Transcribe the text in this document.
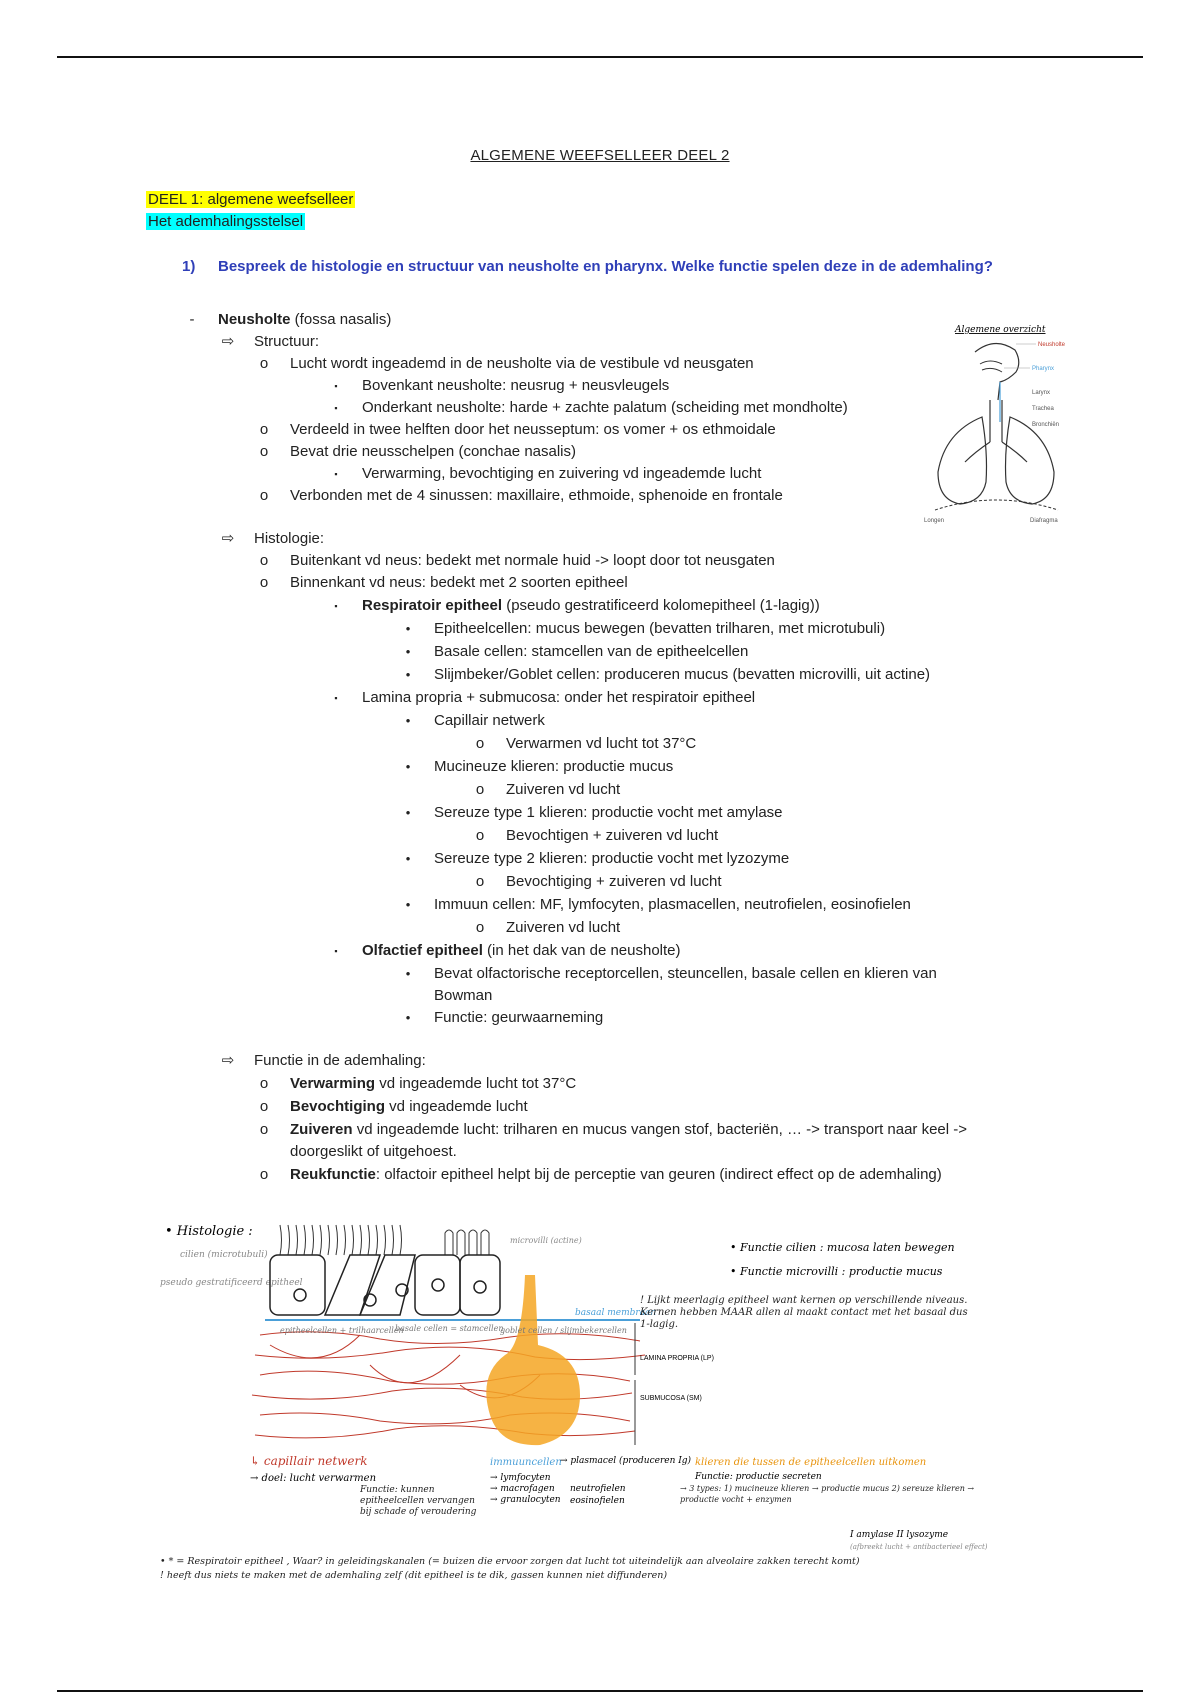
ALGEMENE WEEFSELLEER DEEL 2
DEEL 1: algemene weefselleer
Het ademhalingsstelsel
1) Bespreek de histologie en structuur van neusholte en pharynx. Welke functie spelen deze in de ademhaling?
-	Neusholte (fossa nasalis)
⇨ Structuur:
o	Lucht wordt ingeademd in de neusholte via de vestibule vd neusgaten
▪	Bovenkant neusholte: neusrug + neusvleugels
▪	Onderkant neusholte: harde + zachte palatum (scheiding met mondholte)
o	Verdeeld in twee helften door het neusseptum: os vomer + os ethmoidale
o	Bevat drie neusschelpen (conchae nasalis)
▪	Verwarming, bevochtiging en zuivering vd ingeademde lucht
o	Verbonden met de 4 sinussen: maxillaire, ethmoide, sphenoide en frontale
⇨ Histologie:
o	Buitenkant vd neus: bedekt met normale huid -> loopt door tot neusgaten
o	Binnenkant vd neus: bedekt met 2 soorten epitheel
▪	Respiratoir epitheel (pseudo gestratificeerd kolomepitheel (1-lagig))
•	Epitheelcellen: mucus bewegen (bevatten trilharen, met microtubuli)
•	Basale cellen: stamcellen van de epitheelcellen
•	Slijmbeker/Goblet cellen: produceren mucus (bevatten microvilli, uit actine)
▪	Lamina propria + submucosa: onder het respiratoir epitheel
•	Capillair netwerk
o	Verwarmen vd lucht tot 37°C
•	Mucineuze klieren: productie mucus
o	Zuiveren vd lucht
•	Sereuze type 1 klieren: productie vocht met amylase
o	Bevochtigen + zuiveren vd lucht
•	Sereuze type 2 klieren: productie vocht met lyzozyme
o	Bevochtiging + zuiveren vd lucht
•	Immuun cellen: MF, lymfocyten, plasmacellen, neutrofielen, eosinofielen
o	Zuiveren vd lucht
▪	Olfactief epitheel (in het dak van de neusholte)
•	Bevat olfactorische receptorcellen, steuncellen, basale cellen en klieren van
Bowman
•	Functie: geurwaarneming
⇨ Functie in de ademhaling:
o	Verwarming vd ingeademde lucht tot 37°C
o	Bevochtiging vd ingeademde lucht
o	Zuiveren vd ingeademde lucht: trilharen en mucus vangen stof, bacteriën, … -> transport naar keel ->
doorgeslikt of uitgehoest.
o	Reukfunctie: olfactoir epitheel helpt bij de perceptie van geuren (indirect effect op de ademhaling)
Algemene overzicht
Neusholte
Pharynx
Larynx
Trachea
Bronchiën
Longen	Diafragma
• Histologie :
cilien (microtubuli)
pseudo gestratificeerd epitheel
microvilli (actine)
basaal membraan
epitheelcellen + trilhaarcellen
basale cellen = stamcellen
goblet cellen / slijmbekercellen
• Functie cilien : mucosa laten bewegen
• Functie microvilli : productie mucus
! Lijkt meerlagig epitheel want kernen op verschillende niveaus. Kernen hebben MAAR allen al maakt contact met het basaal dus 1-lagig.
LAMINA PROPRIA (LP)
SUBMUCOSA (SM)
↳ capillair netwerk
→ doel: lucht verwarmen
immuuncellen
→ lymfocyten
→ macrofagen
→ granulocyten
neutrofielen
eosinofielen
→ plasmacel (produceren Ig)
Functie: kunnen epitheelcellen vervangen bij schade of veroudering
klieren die tussen de epitheelcellen uitkomen
Functie: productie secreten
→ 3 types: 1) mucineuze klieren → productie mucus 2) sereuze klieren → productie vocht + enzymen
I amylase II lysozyme
(afbreekt lucht + antibacterieel effect)
• * = Respiratoir epitheel , Waar? in geleidingskanalen (= buizen die ervoor zorgen dat lucht tot uiteindelijk aan alveolaire zakken terecht komt)
! heeft dus niets te maken met de ademhaling zelf (dit epitheel is te dik, gassen kunnen niet diffunderen)
